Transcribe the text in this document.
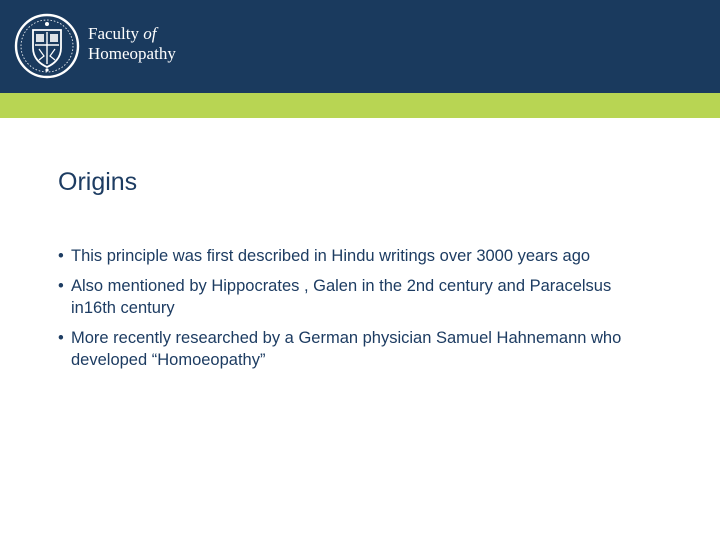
Faculty of
Homeopathy

Origins
• This principle was first described in Hindu writings over 3000 years ago
• Also mentioned by Hippocrates , Galen in the 2nd century and Paracelsus in16th century
• More recently researched by a German physician Samuel Hahnemann who developed “Homoeopathy”
